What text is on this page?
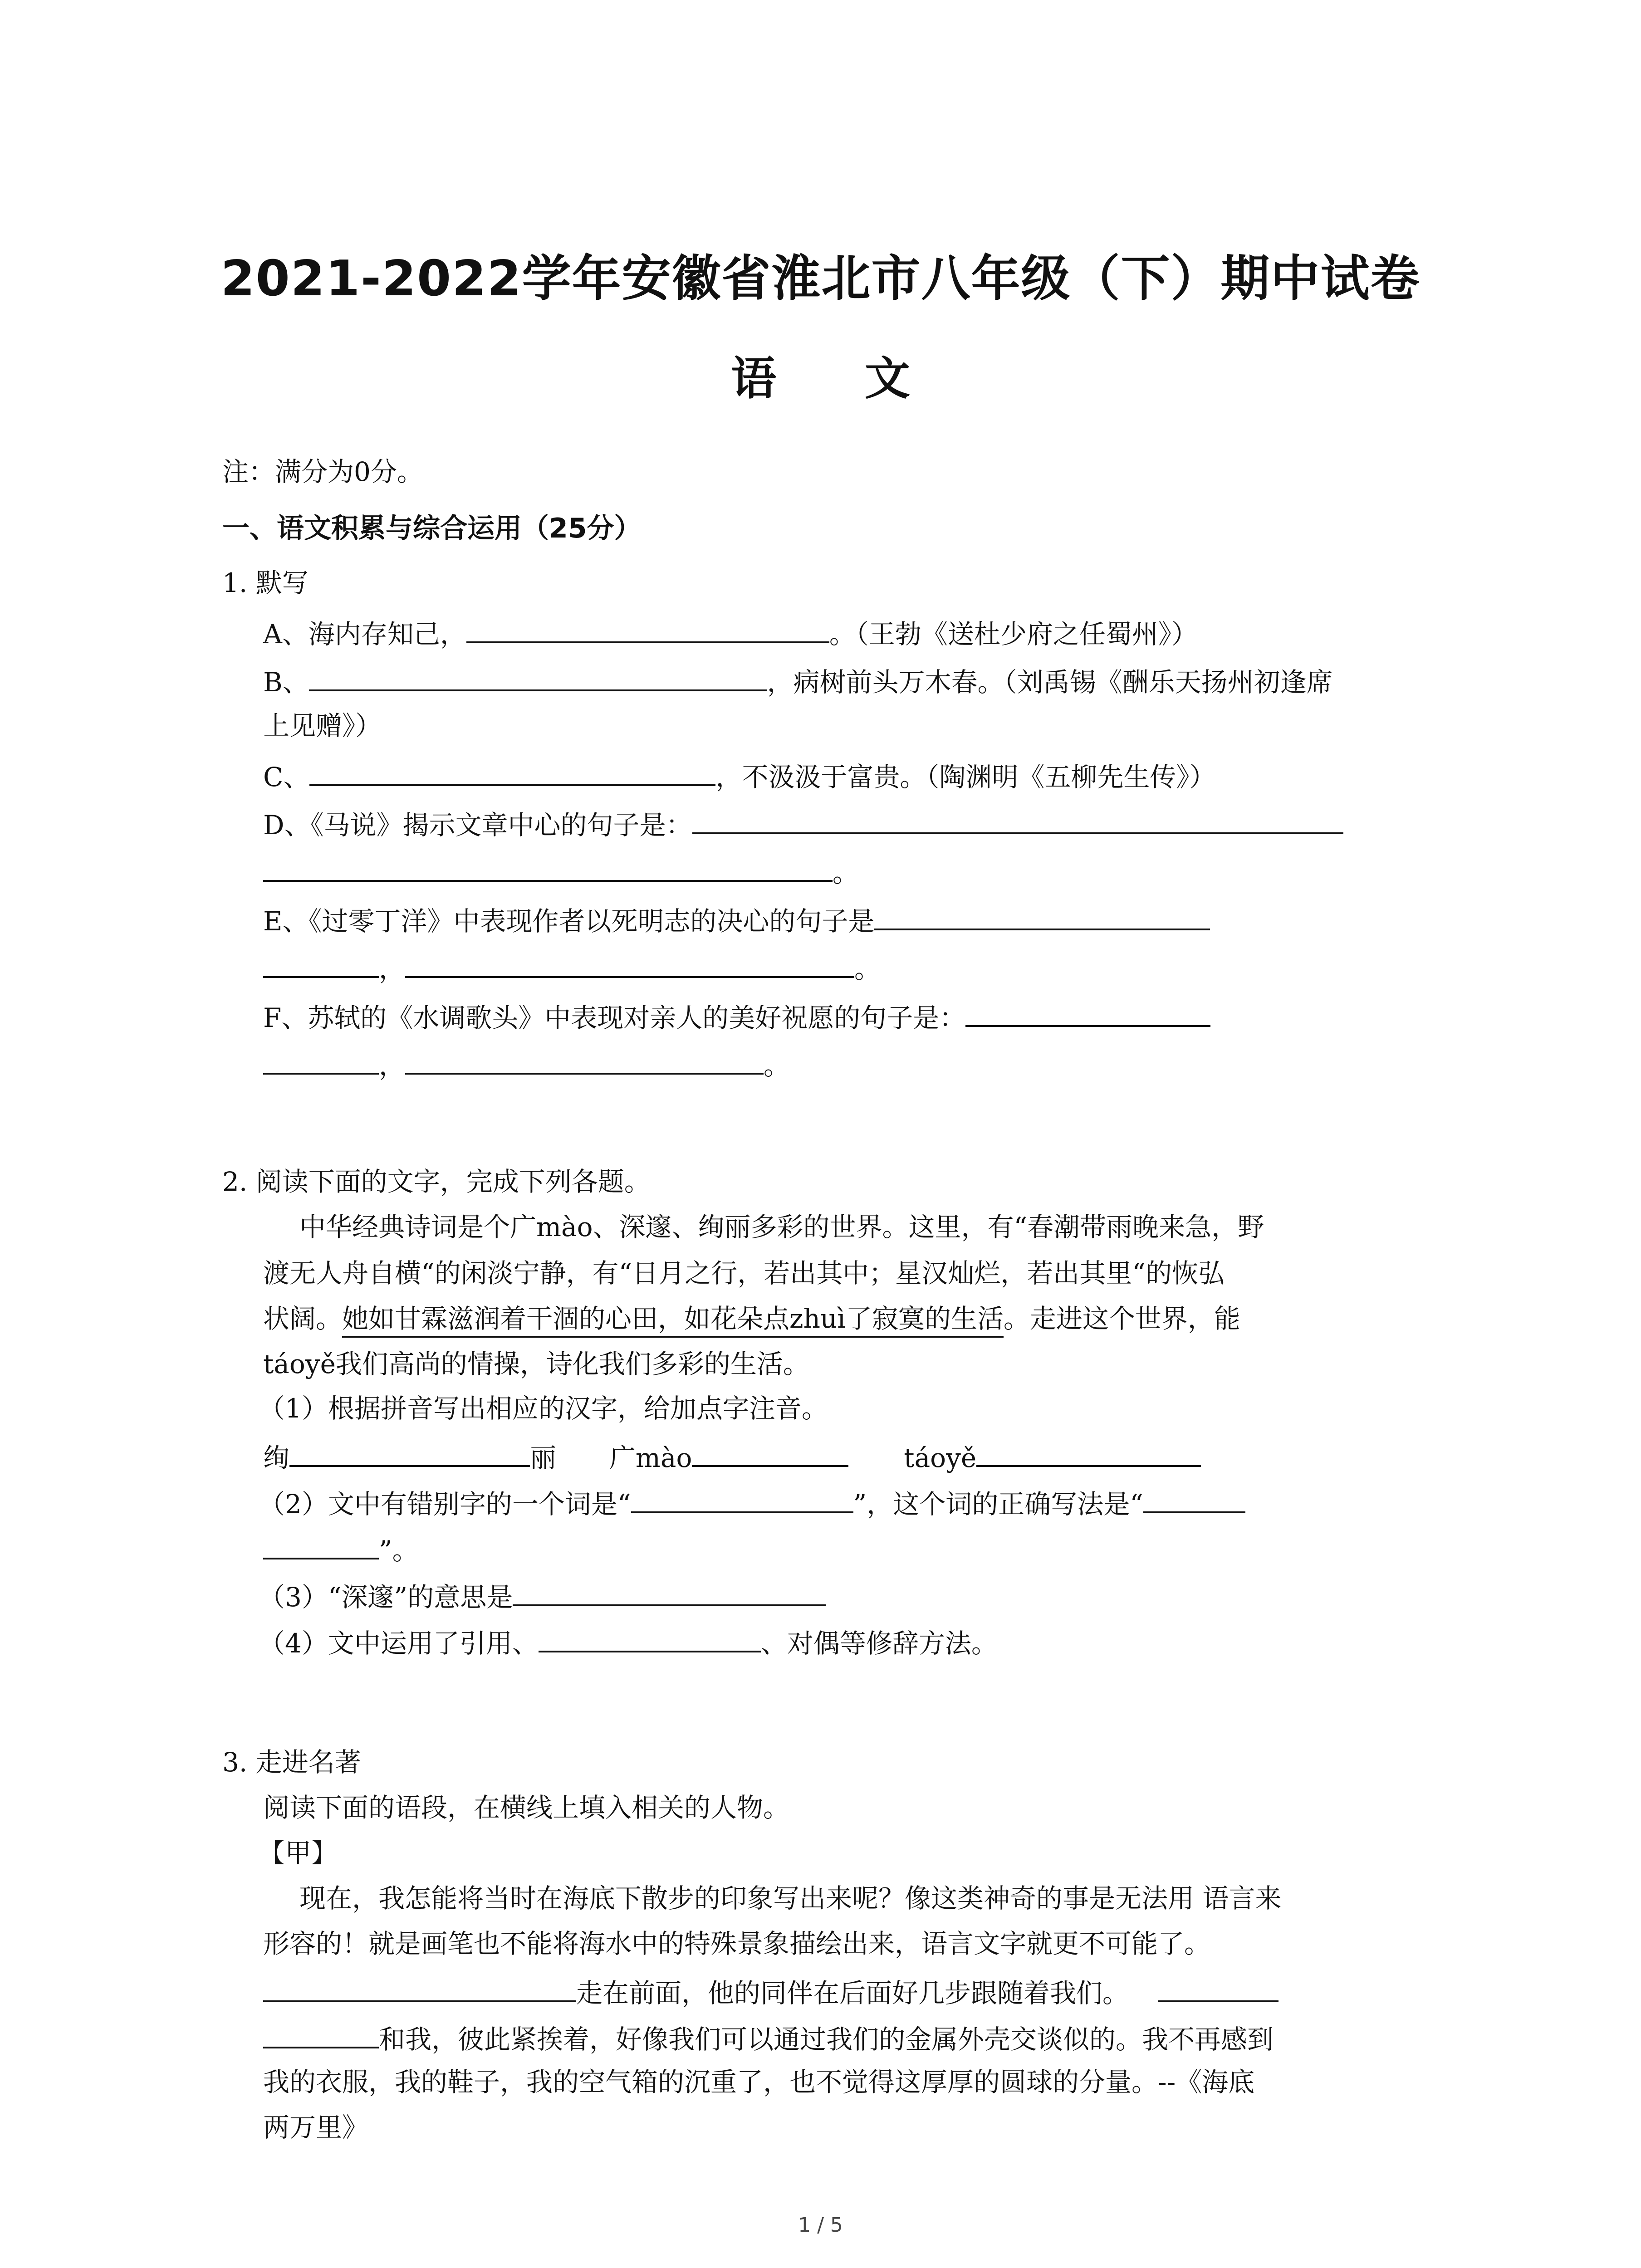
2021-2022学年安徽省淮北市八年级（下）期中试卷
语 文
注：满分为0分。
一、语文积累与综合运用（25分）
1. 默写
A、海内存知己，	。（王勃《送杜少府之任蜀州》）
B、	，病树前头万木春。（刘禹锡《酬乐天扬州初逢席
上见赠》）
C、	，不汲汲于富贵。（陶渊明《五柳先生传》）
D、《马说》揭示文章中心的句子是：
。
E、《过零丁洋》中表现作者以死明志的决心的句子是
，	。
F、苏轼的《水调歌头》中表现对亲人的美好祝愿的句子是：
，	。
2. 阅读下面的文字，完成下列各题。
中华经典诗词是个广mào、深邃、绚丽多彩的世界。这里，有“春潮带雨晚来急，野
渡无人舟自横“的闲淡宁静，有“日月之行，若出其中；星汉灿烂，若出其里“的恢弘
状阔。她如甘霖滋润着干涸的心田，如花朵点zhuì了寂寞的生活。走进这个世界，能
táoyě我们高尚的情操，诗化我们多彩的生活。
（1）根据拼音写出相应的汉字，给加点字注音。
绚	丽 广mào	táoyě
（2）文中有错别字的一个词是“	”，这个词的正确写法是“
”。
（3）“深邃”的意思是
（4）文中运用了引用、	、对偶等修辞方法。
3. 走进名著
阅读下面的语段，在横线上填入相关的人物。
【甲】
现在，我怎能将当时在海底下散步的印象写出来呢？像这类神奇的事是无法用 语言来
形容的！就是画笔也不能将海水中的特殊景象描绘出来，语言文字就更不可能了。
走在前面，他的同伴在后面好几步跟随着我们。
和我，彼此紧挨着，好像我们可以通过我们的金属外壳交谈似的。我不再感到
我的衣服，我的鞋子，我的空气箱的沉重了，也不觉得这厚厚的圆球的分量。--《海底
两万里》
1 / 5
